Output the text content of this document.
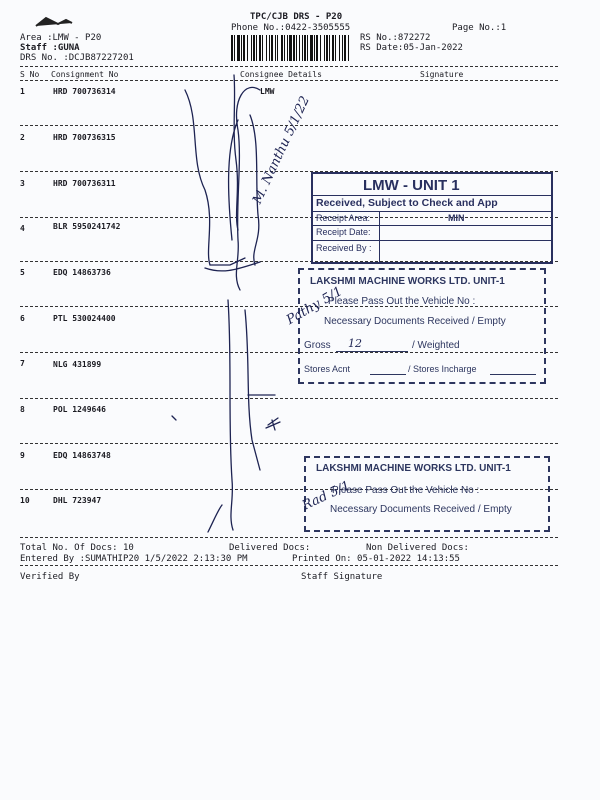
TPC/CJB DRS - P20
Phone No.:0422-3505555	Page No.:1
Area :LMW - P20
Staff :GUNA
DRS No. :DCJB87227201
RS No.:872272
RS Date:05-Jan-2022
S No Consignment No	Consignee Details	Signature
1	HRD 700736314	LMW
2	HRD 700736315
3	HRD 700736311
4	BLR 5950241742
5	EDQ 14863736
6	PTL 530024400
7	NLG 431899
8	POL 1249646
9	EDQ 14863748
10	DHL 723947
Total No. Of Docs: 10	Delivered Docs:	Non Delivered Docs:
Entered By :SUMATHIP20 1/5/2022 2:13:30 PM	Printed On: 05-01-2022 14:13:55
Verified By	Staff Signature
LMW - UNIT 1
Received, Subject to Check and App
Receipt Area:	MIN
Receipt Date:
Received By :
LAKSHMI MACHINE WORKS LTD. UNIT-1
Please Pass Out the Vehicle No :
Necessary Documents Received / Empty
Gross 12	/ Weighted
Stores Acnt	/ Stores Incharge
LAKSHMI MACHINE WORKS LTD. UNIT-1
Please Pass Out the Vehicle No :
Necessary Documents Received / Empty
M. Nanthu 5/1/22
Pathy 5/1
Rad 5/1
